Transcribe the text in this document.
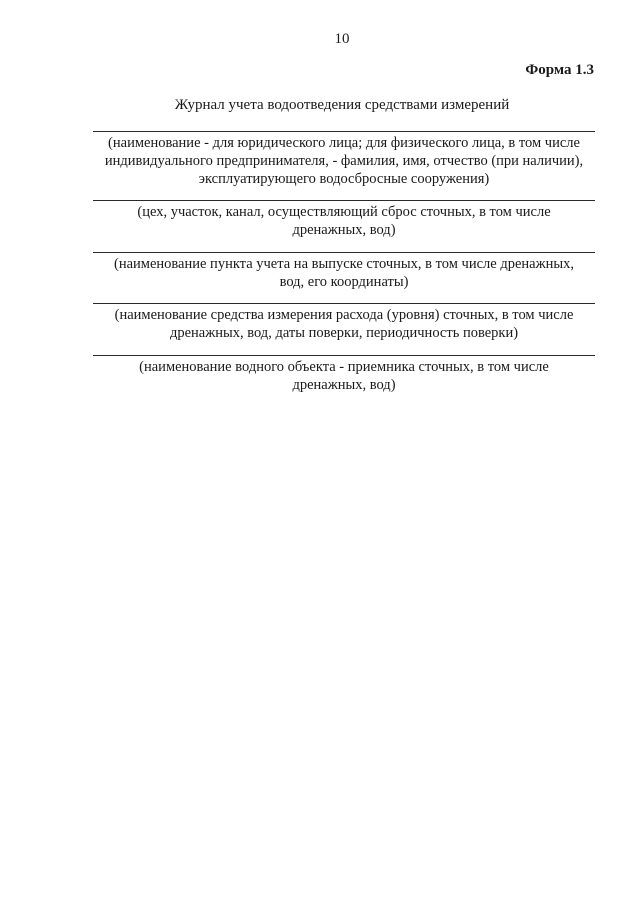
10
Форма 1.3
Журнал учета водоотведения средствами измерений
(наименование - для юридического лица; для физического лица, в том числе
индивидуального предпринимателя, - фамилия, имя, отчество (при наличии),
эксплуатирующего водосбросные сооружения)
(цех, участок, канал, осуществляющий сброс сточных, в том числе
дренажных, вод)
(наименование пункта учета на выпуске сточных, в том числе дренажных,
вод, его координаты)
(наименование средства измерения расхода (уровня) сточных, в том числе
дренажных, вод, даты поверки, периодичность поверки)
(наименование водного объекта - приемника сточных, в том числе
дренажных, вод)
